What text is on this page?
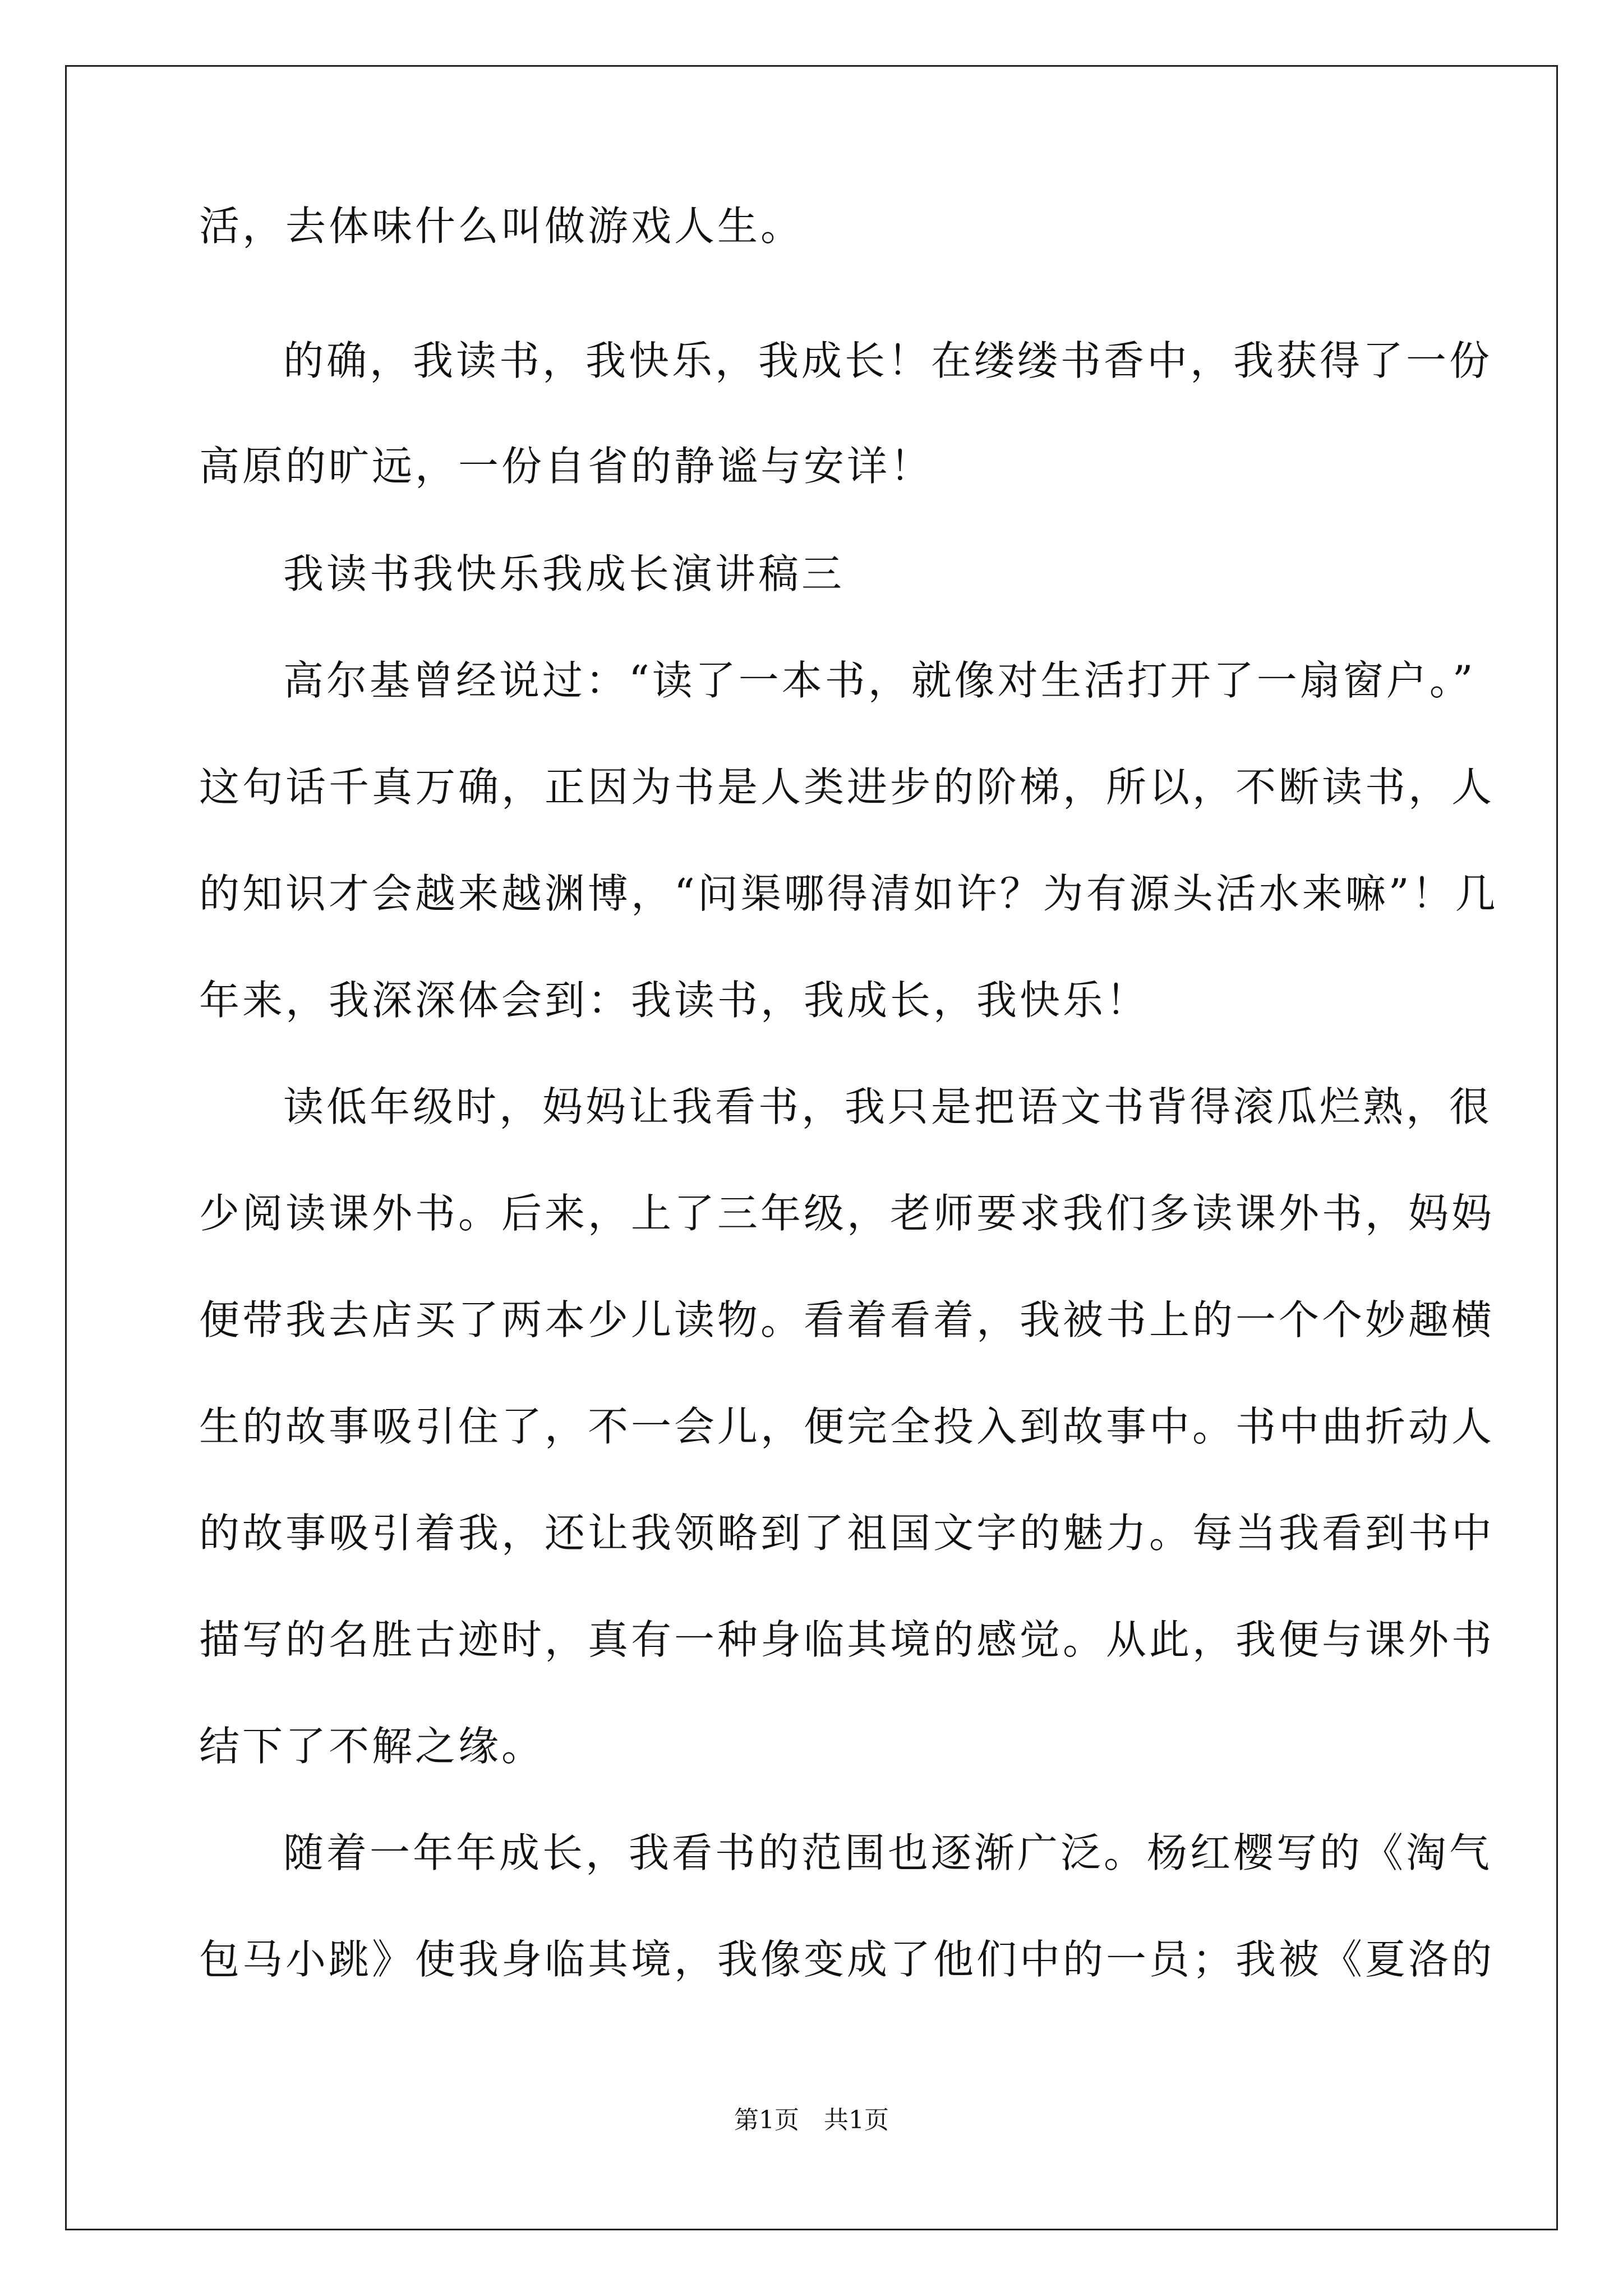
活，去体味什么叫做游戏人生。
的确，我读书，我快乐，我成长！在缕缕书香中，我获得了一份
高原的旷远，一份自省的静谧与安详！
我读书我快乐我成长演讲稿三
高尔基曾经说过：“读了一本书，就像对生活打开了一扇窗户。”
这句话千真万确，正因为书是人类进步的阶梯，所以，不断读书，人
的知识才会越来越渊博，“问渠哪得清如许？为有源头活水来嘛”！几
年来，我深深体会到：我读书，我成长，我快乐！
读低年级时，妈妈让我看书，我只是把语文书背得滚瓜烂熟，很
少阅读课外书。后来，上了三年级，老师要求我们多读课外书，妈妈
便带我去店买了两本少儿读物。看着看着，我被书上的一个个妙趣横
生的故事吸引住了，不一会儿，便完全投入到故事中。书中曲折动人
的故事吸引着我，还让我领略到了祖国文字的魅力。每当我看到书中
描写的名胜古迹时，真有一种身临其境的感觉。从此，我便与课外书
结下了不解之缘。
随着一年年成长，我看书的范围也逐渐广泛。杨红樱写的《淘气
包马小跳》使我身临其境，我像变成了他们中的一员；我被《夏洛的
第1页　共1页
